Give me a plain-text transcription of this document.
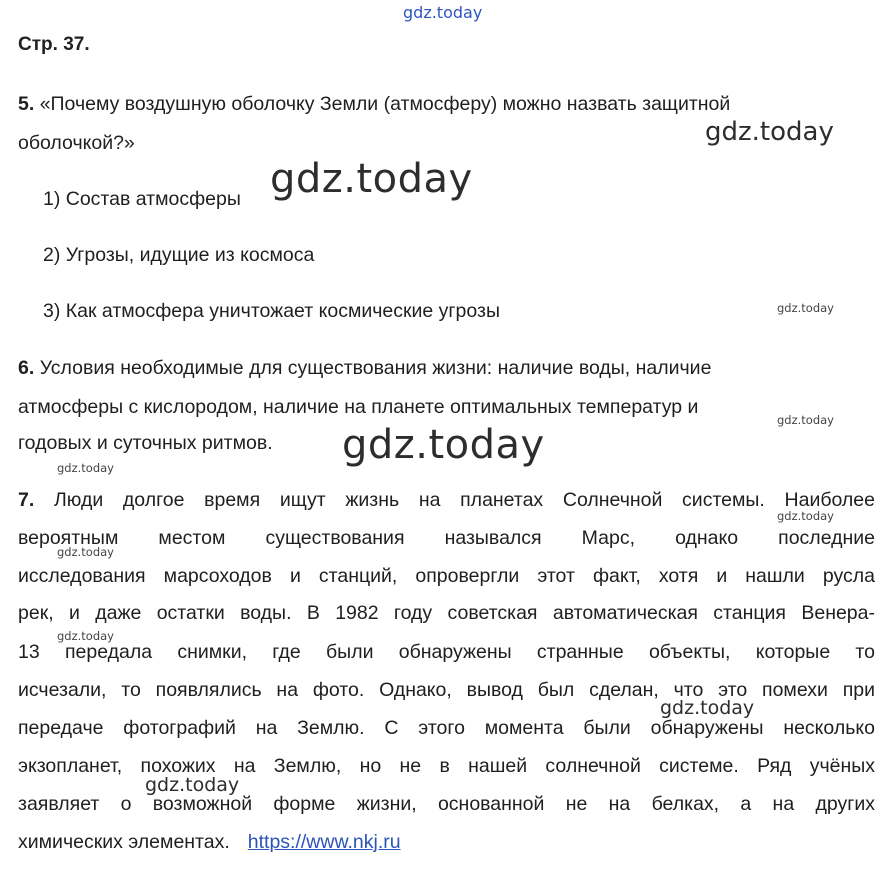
gdz.today
Стр. 37.
5. «Почему воздушную оболочку Земли (атмосферу) можно назвать защитной
оболочкой?»	gdz.today
1) Состав атмосферы gdz.today
2) Угрозы, идущие из космоса
3) Как атмосфера уничтожает космические угрозы	gdz.today
6. Условия необходимые для существования жизни: наличие воды, наличие
атмосферы с кислородом, наличие на планете оптимальных температур и
gdz.today
годовых и суточных ритмов. gdz.today
gdz.today
7. Люди долгое время ищут жизнь на планетах Солнечной системы. Наиболее
gdz.today
вероятным местом существования назывался Марс, однако последние
gdz.today
исследования марсоходов и станций, опровергли этот факт, хотя и нашли русла
рек, и даже остатки воды. В 1982 году советская автоматическая станция Венера-
gdz.today
13 передала снимки, где были обнаружены странные объекты, которые то
исчезали, то появлялись на фото. Однако, вывод был сделан, что это помехи при
gdz.today
передаче фотографий на Землю. С этого момента были обнаружены несколько
экзопланет, похожих на Землю, но не в нашей солнечной системе. Ряд учёных
gdz.today
заявляет о возможной форме жизни, основанной не на белках, а на других
химических элементах. https://www.nkj.ru
